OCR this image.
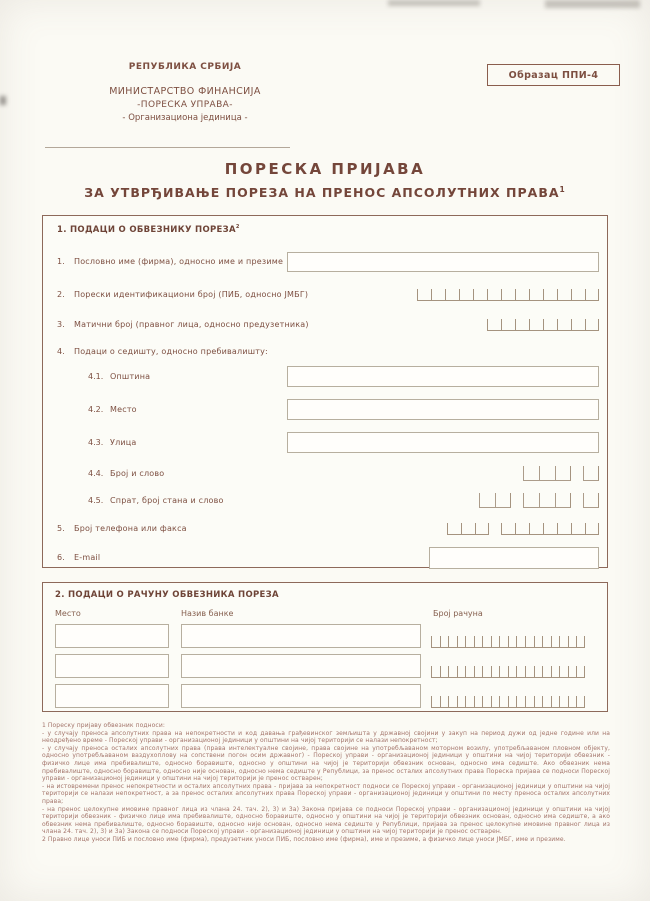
РЕПУБЛИКА СРБИЈА
МИНИСТАРСТВО ФИНАНСИЈА
-ПОРЕСКА УПРАВА-
- Организациона јединица -
Образац ППИ-4
ПОРЕСКА ПРИЈАВА
ЗА УТВРЂИВАЊЕ ПОРЕЗА НА ПРЕНОС АПСОЛУТНИХ ПРАВА$^1$
1. ПОДАЦИ О ОБВЕЗНИКУ ПОРЕЗА$^2$
1.	Пословно име (фирма), односно име и презиме
2.	Порески идентификациони број (ПИБ, односно ЈМБГ)
3.	Матични број (правног лица, односно предузетника)
4.	Подаци о седишту, односно пребивалишту:
4.1. Општина
4.2. Место
4.3. Улица
4.4. Број и слово
4.5. Спрат, број стана и слово
5.	Број телефона или факса
6.	E-mail
2. ПОДАЦИ О РАЧУНУ ОБВЕЗНИКА ПОРЕЗА
Место	Назив банке	Број рачуна

1 Пореску пријаву обвезник подноси:

- у случају преноса апсолутних права на непокретности и код давања грађевинског земљишта у државној својини у закуп на период дужи од једне године или на неодређено време - Пореској управи - организационој јединици у општини на чијој територији се налази непокретност;

- у случају преноса осталих апсолутних права (права интелектуалне својине, права својине на употребљаваном моторном возилу, употребљаваном пловном објекту, односно употребљаваном ваздухоплову на сопствени погон осим државног) - Пореској управи - организационој јединици у општини на чијој територији обвезник - физичко лице има пребивалиште, односно боравиште, односно у општини на чијој је територији обвезник основан, односно има седиште. Ако обвезник нема пребивалиште, односно боравиште, односно није основан, односно нема седиште у Републици, за пренос осталих апсолутних права Пореска пријава се подноси Пореској управи - организационој јединици у општини на чијој територији је пренос остварен;

- на истовремени пренос непокретности и осталих апсолутних права - пријава за непокретност подноси се Пореској управи - организационој јединици у општини на чијој територији се налази непокретност, а за пренос осталих апсолутних права Пореској управи - организационој јединици у општини по месту преноса осталих апсолутних права;

- на пренос целокупне имовине правног лица из члана 24. тач. 2), 3) и 3а) Закона пријава се подноси Пореској управи - организационој јединици у општини на чијој територији обвезник - физичко лице има пребивалиште, односно боравиште, односно у општини на чијој је територији обвезник основан, односно има седиште, а ако обвезник нема пребивалиште, односно боравиште, односно није основан, односно нема седиште у Републици, пријава за пренос целокупне имовине правног лица из члана 24. тач. 2), 3) и 3а) Закона се подноси Пореској управи - организационој јединици у општини на чијој територији је пренос остварен.

2 Правно лице уноси ПИБ и пословно име (фирма), предузетник уноси ПИБ, пословно име (фирма), име и презиме, а физичко лице уноси ЈМБГ, име и презиме.
